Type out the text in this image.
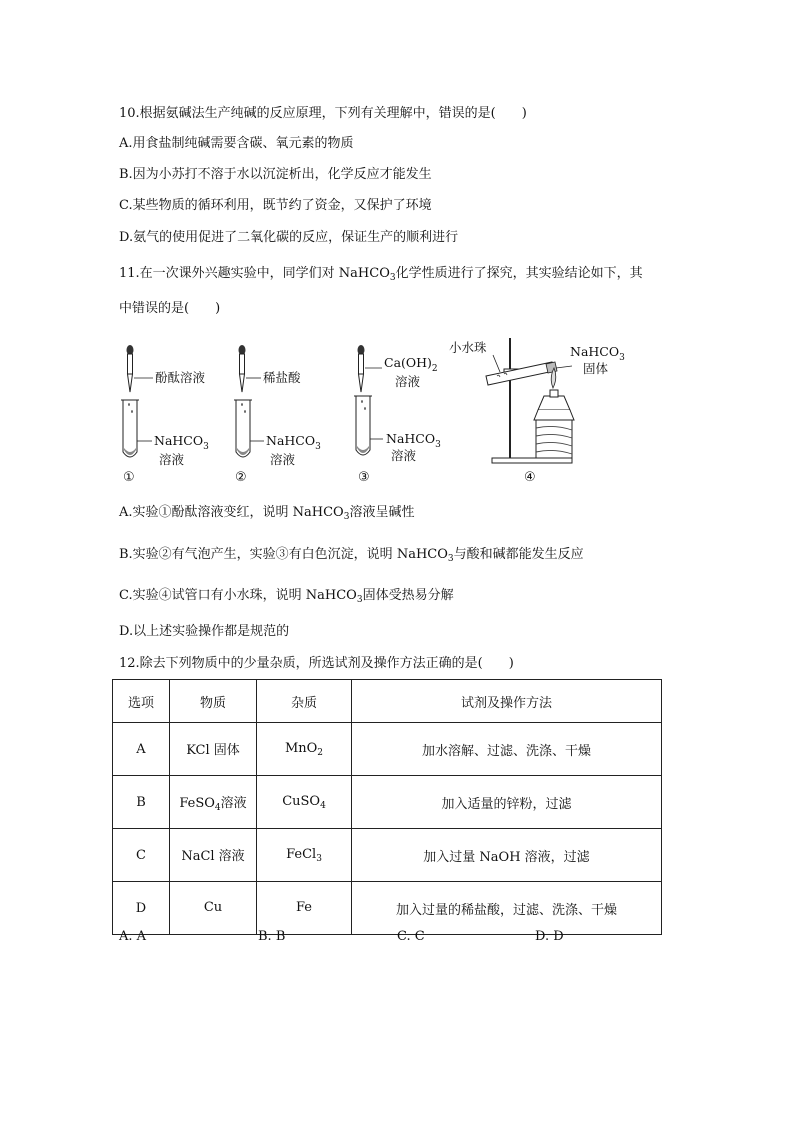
10.根据氨碱法生产纯碱的反应原理，下列有关理解中，错误的是(　　)
A.用食盐制纯碱需要含碳、氧元素的物质
B.因为小苏打不溶于水以沉淀析出，化学反应才能发生
C.某些物质的循环利用，既节约了资金，又保护了环境
D.氨气的使用促进了二氧化碳的反应，保证生产的顺利进行
11.在一次课外兴趣实验中，同学们对 NaHCO$_3$化学性质进行了探究，其实验结论如下，其
中错误的是(　　)
酚酞溶液
NaHCO$_3$
溶液
①
稀盐酸
NaHCO$_3$
溶液
②
$Ca(OH)_2$
溶液
NaHCO$_3$
溶液
③
小水珠	NaHCO$_3$
固体
④
A.实验①酚酞溶液变红，说明 NaHCO$_3$溶液呈碱性
B.实验②有气泡产生，实验③有白色沉淀，说明 NaHCO$_3$与酸和碱都能发生反应
C.实验④试管口有小水珠，说明 NaHCO$_3$固体受热易分解
D.以上述实验操作都是规范的
12.除去下列物质中的少量杂质，所选试剂及操作方法正确的是(　　)
选项	物质	杂质	试剂及操作方法
A	KCl 固体	MnO$_2$	加水溶解、过滤、洗涤、干燥
B	FeSO$_4$溶液	CuSO$_4$	加入适量的锌粉，过滤
C	NaCl 溶液	FeCl$_3$	加入过量 NaOH 溶液，过滤
D	Cu	Fe	加入过量的稀盐酸，过滤、洗涤、干燥
A. A	B. B	C. C	D. D
